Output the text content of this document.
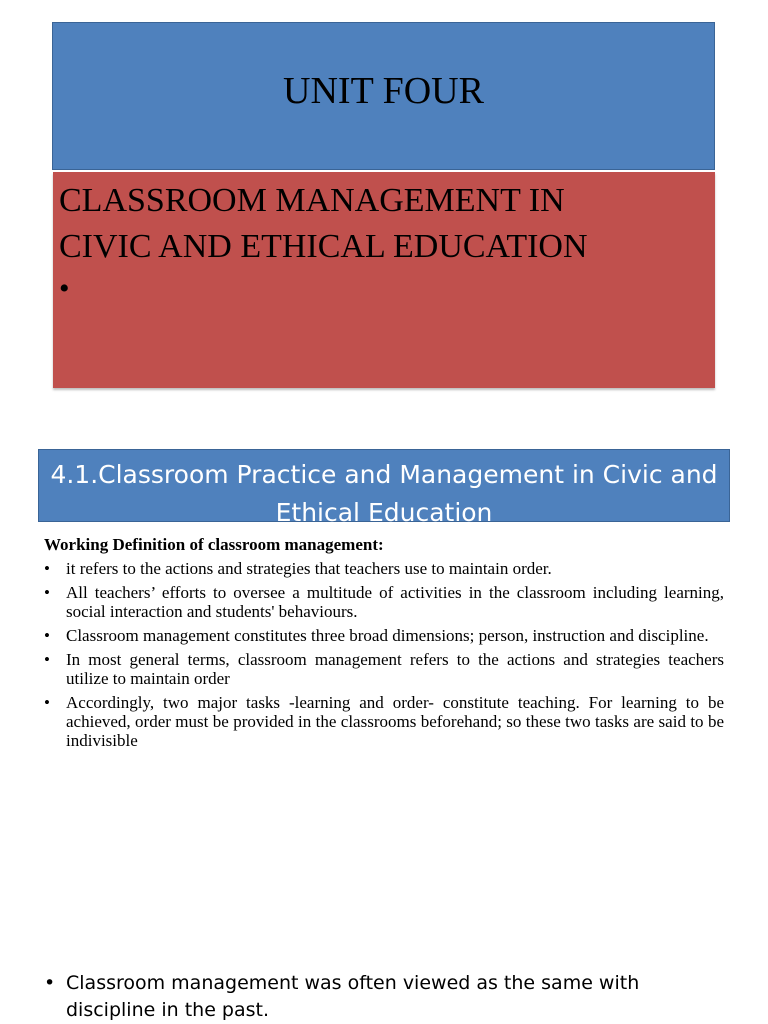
UNIT FOUR
CLASSROOM MANAGEMENT IN
CIVIC AND ETHICAL EDUCATION
•
4.1.Classroom Practice and Management in Civic and Ethical Education
Working Definition of classroom management:
• it refers to the actions and strategies that teachers use to maintain order.
• All teachers’ efforts to oversee a multitude of activities in the classroom including learning, social interaction and students' behaviours.
• Classroom management constitutes three broad dimensions; person, instruction and discipline.
• In most general terms, classroom management refers to the actions and strategies teachers utilize to maintain order
• Accordingly, two major tasks -learning and order- constitute teaching. For learning to be achieved, order must be provided in the classrooms beforehand; so these two tasks are said to be indivisible
• Classroom management was often viewed as the same with discipline in the past.
